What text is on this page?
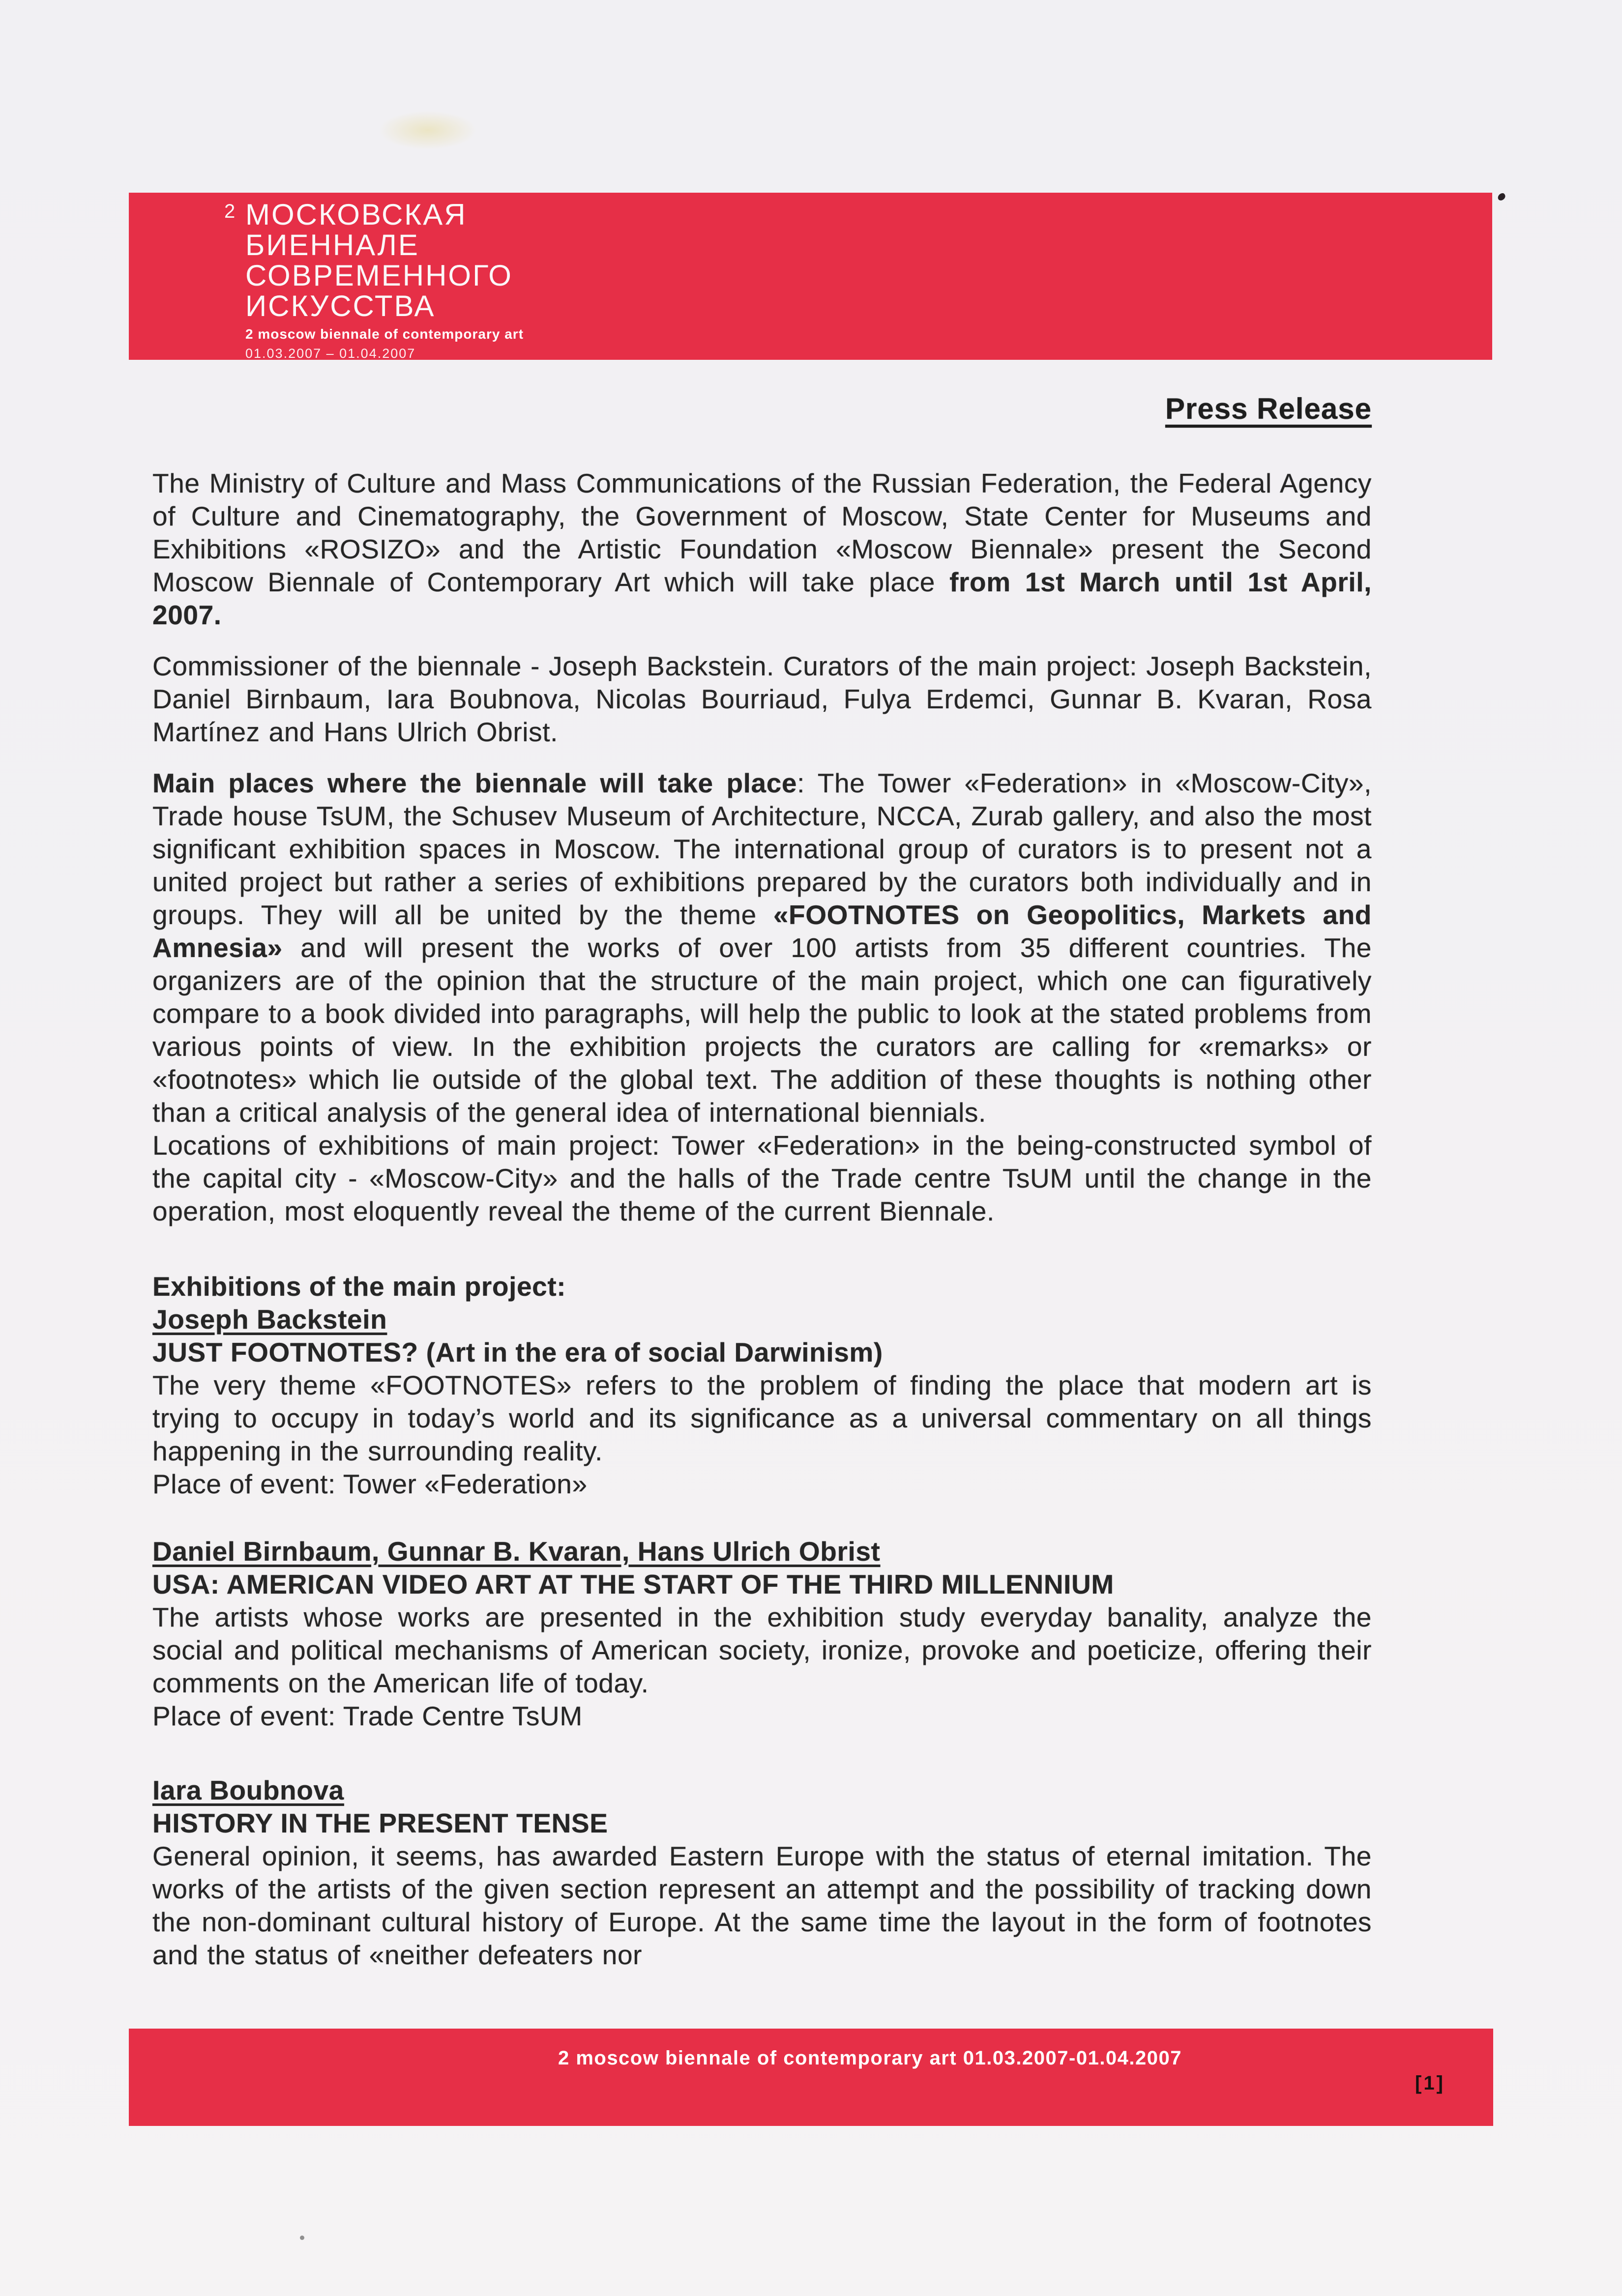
2 МОСКОВСКАЯ
БИЕННАЛЕ
СОВРЕМЕННОГО
ИСКУССТВА
2 moscow biennale of contemporary art
01.03.2007 – 01.04.2007
Press Release

The Ministry of Culture and Mass Communications of the Russian Federation, the Federal Agency of Culture and Cinematography, the Government of Moscow, State Center for Museums and Exhibitions «ROSIZO» and the Artistic Foundation «Moscow Biennale» present the Second Moscow Biennale of Contemporary Art which will take place from 1st March until 1st April, 2007.

Commissioner of the biennale - Joseph Backstein. Curators of the main project: Joseph Backstein, Daniel Birnbaum, Iara Boubnova, Nicolas Bourriaud, Fulya Erdemci, Gunnar B. Kvaran, Rosa Martínez and Hans Ulrich Obrist.

Main places where the biennale will take place: The Tower «Federation» in «Moscow-City», Trade house TsUM, the Schusev Museum of Architecture, NCCA, Zurab gallery, and also the most significant exhibition spaces in Moscow. The international group of curators is to present not a united project but rather a series of exhibitions prepared by the curators both individually and in groups. They will all be united by the theme «FOOTNOTES on Geopolitics, Markets and Amnesia» and will present the works of over 100 artists from 35 different countries. The organizers are of the opinion that the structure of the main project, which one can figuratively compare to a book divided into paragraphs, will help the public to look at the stated problems from various points of view. In the exhibition projects the curators are calling for «remarks» or «footnotes» which lie outside of the global text. The addition of these thoughts is nothing other than a critical analysis of the general idea of international biennials.

Locations of exhibitions of main project: Tower «Federation» in the being-constructed symbol of the capital city - «Moscow-City» and the halls of the Trade centre TsUM until the change in the operation, most eloquently reveal the theme of the current Biennale.

Exhibitions of the main project:

Joseph Backstein

JUST FOOTNOTES? (Art in the era of social Darwinism)

The very theme «FOOTNOTES» refers to the problem of finding the place that modern art is trying to occupy in today’s world and its significance as a universal commentary on all things happening in the surrounding reality.

Place of event: Tower «Federation»

Daniel Birnbaum, Gunnar B. Kvaran, Hans Ulrich Obrist

USA: AMERICAN VIDEO ART AT THE START OF THE THIRD MILLENNIUM

The artists whose works are presented in the exhibition study everyday banality, analyze the social and political mechanisms of American society, ironize, provoke and poeticize, offering their comments on the American life of today.

Place of event: Trade Centre TsUM

Iara Boubnova

HISTORY IN THE PRESENT TENSE

General opinion, it seems, has awarded Eastern Europe with the status of eternal imitation. The works of the artists of the given section represent an attempt and the possibility of tracking down the non-dominant cultural history of Europe. At the same time the layout in the form of footnotes and the status of «neither defeaters nor

2 moscow biennale of contemporary art 01.03.2007-01.04.2007
[1]
